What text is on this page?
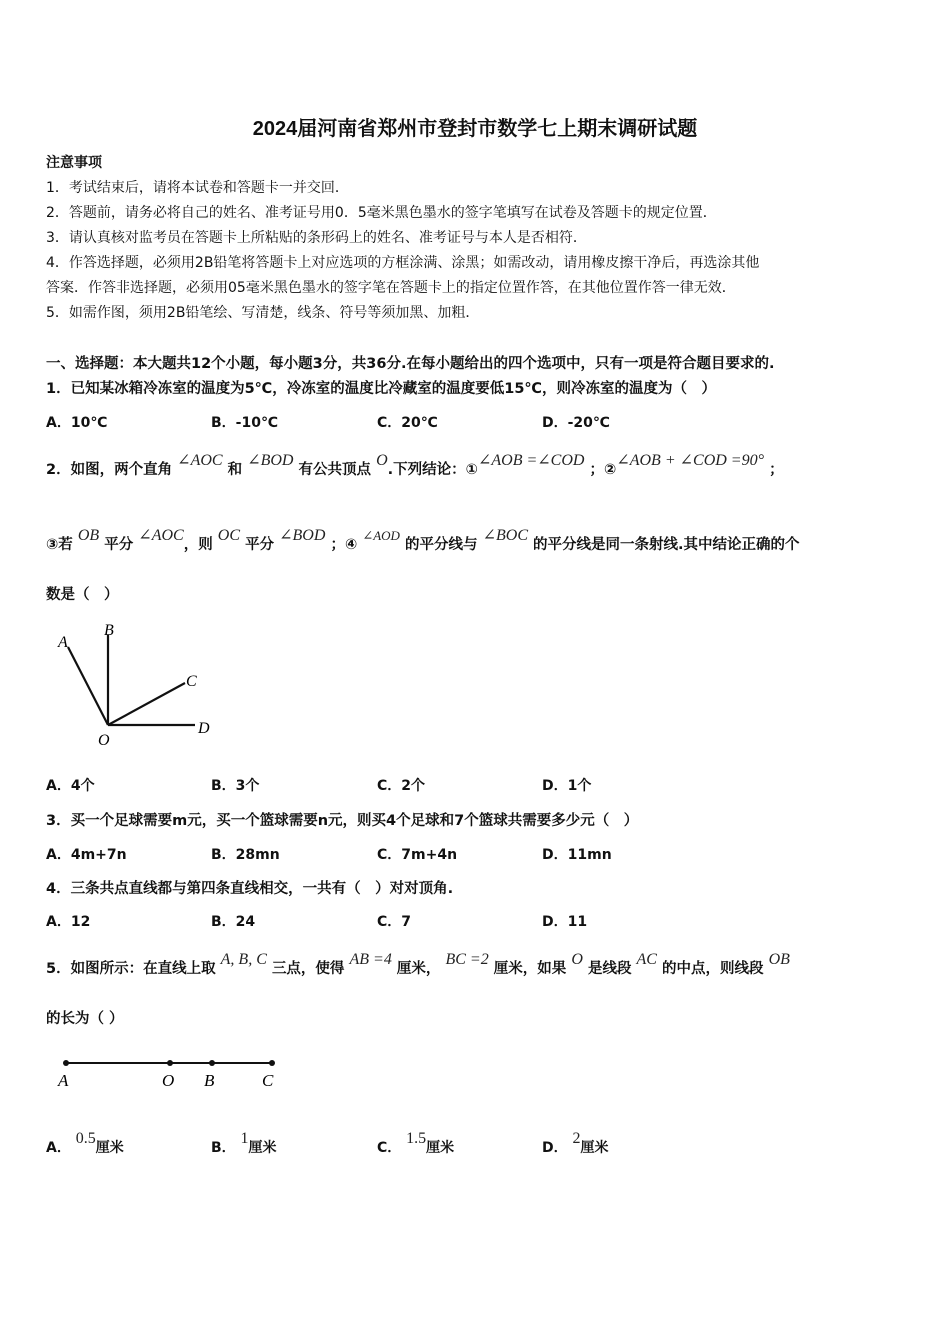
2024届河南省郑州市登封市数学七上期末调研试题
注意事项
1．考试结束后，请将本试卷和答题卡一并交回．
2．答题前，请务必将自己的姓名、准考证号用0．5毫米黑色墨水的签字笔填写在试卷及答题卡的规定位置．
3．请认真核对监考员在答题卡上所粘贴的条形码上的姓名、准考证号与本人是否相符．
4．作答选择题，必须用2B铅笔将答题卡上对应选项的方框涂满、涂黑；如需改动，请用橡皮擦干净后，再选涂其他
答案．作答非选择题，必须用05毫米黑色墨水的签字笔在答题卡上的指定位置作答，在其他位置作答一律无效．
5．如需作图，须用2B铅笔绘、写清楚，线条、符号等须加黑、加粗．
一、选择题：本大题共12个小题，每小题3分，共36分.在每小题给出的四个选项中，只有一项是符合题目要求的.
1．已知某冰箱冷冻室的温度为5℃，冷冻室的温度比冷藏室的温度要低15℃，则冷冻室的温度为（　）
A．10℃	B．-10℃	C．20℃	D．-20℃
2．如图，两个直角 ∠AOC 和 ∠BOD 有公共顶点 O.下列结论：①∠AOB =∠COD ；②∠AOB + ∠COD =90° ；
③若 OB 平分 ∠AOC，则 OC 平分 ∠BOD ；④ ∠AOD 的平分线与 ∠BOC 的平分线是同一条射线.其中结论正确的个
数是（　）
A
B
C
D
O
A．4个	B．3个	C．2个	D．1个
3．买一个足球需要m元，买一个篮球需要n元，则买4个足球和7个篮球共需要多少元（　）
A．4m+7n	B．28mn	C．7m+4n	D．11mn
4．三条共点直线都与第四条直线相交，一共有（　）对对顶角.
A．12	B．24	C．7	D．11
5．如图所示：在直线上取 A, B, C 三点，使得 AB =4 厘米， BC =2 厘米，如果 O 是线段 AC 的中点，则线段 OB
的长为（ ）
A	O B	C
A． 0.5厘米	B． 1厘米	C． 1.5厘米	D． 2厘米
